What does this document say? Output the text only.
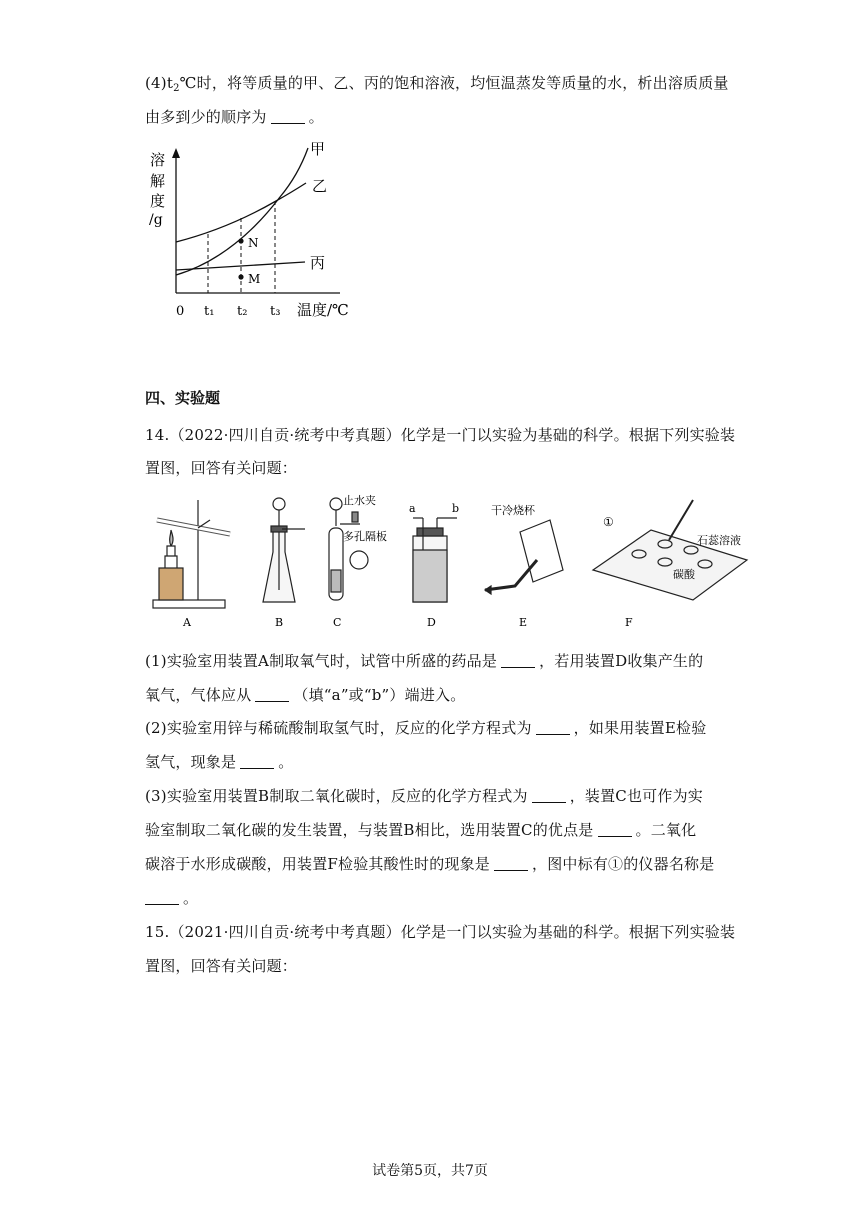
$(4)t_2℃$时，将等质量的甲、乙、丙的饱和溶液，均恒温蒸发等质量的水，析出溶质质量
由多到少的顺序为	。
溶
解
度
/g
甲
乙
丙
N
M
0 t₁ t₂ t₃ 温度/℃
四、实验题
14.（2022·四川自贡·统考中考真题）化学是一门以实验为基础的科学。根据下列实验装
置图，回答有关问题：
A	B
止水夹
多孔隔板
C
a	b
D
干冷烧杯
E
①
石蕊溶液
碳酸
F
(1)实验室用装置A制取氧气时，试管中所盛的药品是	，若用装置D收集产生的
氧气，气体应从	（填“a”或“b”）端进入。
(2)实验室用锌与稀硫酸制取氢气时，反应的化学方程式为	，如果用装置E检验
氢气，现象是	。
(3)实验室用装置B制取二氧化碳时，反应的化学方程式为	，装置C也可作为实
验室制取二氧化碳的发生装置，与装置B相比，选用装置C的优点是	。二氧化
碳溶于水形成碳酸，用装置F检验其酸性时的现象是	，图中标有①的仪器名称是
。
15.（2021·四川自贡·统考中考真题）化学是一门以实验为基础的科学。根据下列实验装
置图，回答有关问题：
试卷第5页，共7页
